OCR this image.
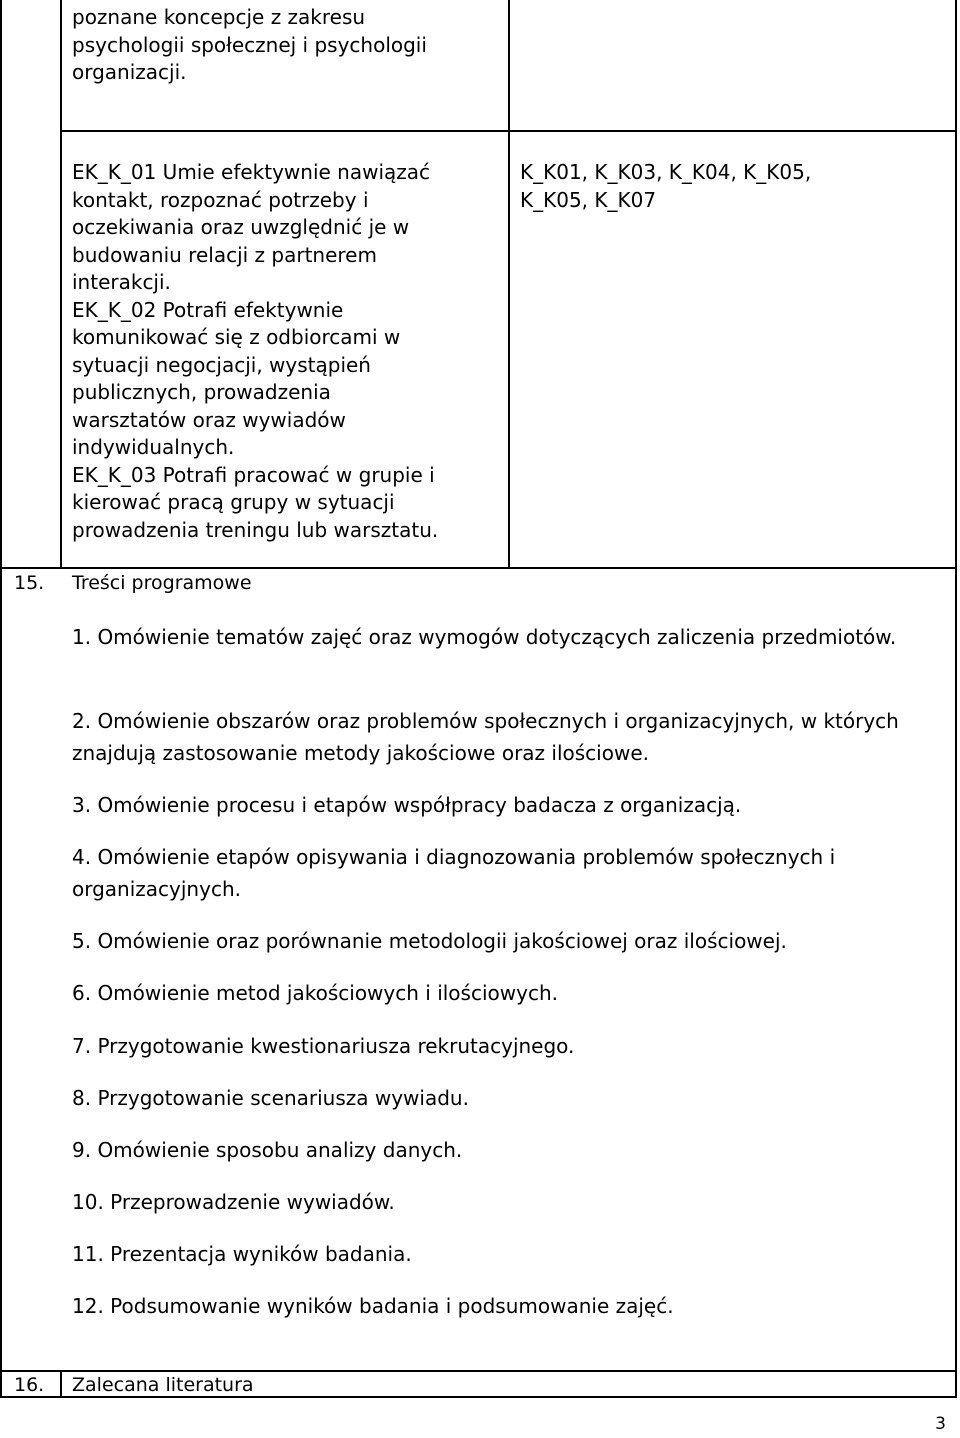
poznane koncepcje z zakresu
psychologii społecznej i psychologii
organizacji.

EK_K_01 Umie efektywnie nawiązać
kontakt, rozpoznać potrzeby i
oczekiwania oraz uwzględnić je w
budowaniu relacji z partnerem
interakcji.
EK_K_02 Potrafi efektywnie
komunikować się z odbiorcami w
sytuacji negocjacji, wystąpień
publicznych, prowadzenia
warsztatów oraz wywiadów
indywidualnych.
EK_K_03 Potrafi pracować w grupie i
kierować pracą grupy w sytuacji
prowadzenia treningu lub warsztatu.

K_K01, K_K03, K_K04, K_K05,
K_K05, K_K07

15. Treści programowe

1. Omówienie tematów zajęć oraz wymogów dotyczących zaliczenia przedmiotów.

2. Omówienie obszarów oraz problemów społecznych i organizacyjnych, w których znajdują zastosowanie metody jakościowe oraz ilościowe.

3. Omówienie procesu i etapów współpracy badacza z organizacją.

4. Omówienie etapów opisywania i diagnozowania problemów społecznych i organizacyjnych.

5. Omówienie oraz porównanie metodologii jakościowej oraz ilościowej.

6. Omówienie metod jakościowych i ilościowych.

7. Przygotowanie kwestionariusza rekrutacyjnego.

8. Przygotowanie scenariusza wywiadu.

9. Omówienie sposobu analizy danych.

10. Przeprowadzenie wywiadów.

11. Prezentacja wyników badania.

12. Podsumowanie wyników badania i podsumowanie zajęć.

16. Zalecana literatura
3
